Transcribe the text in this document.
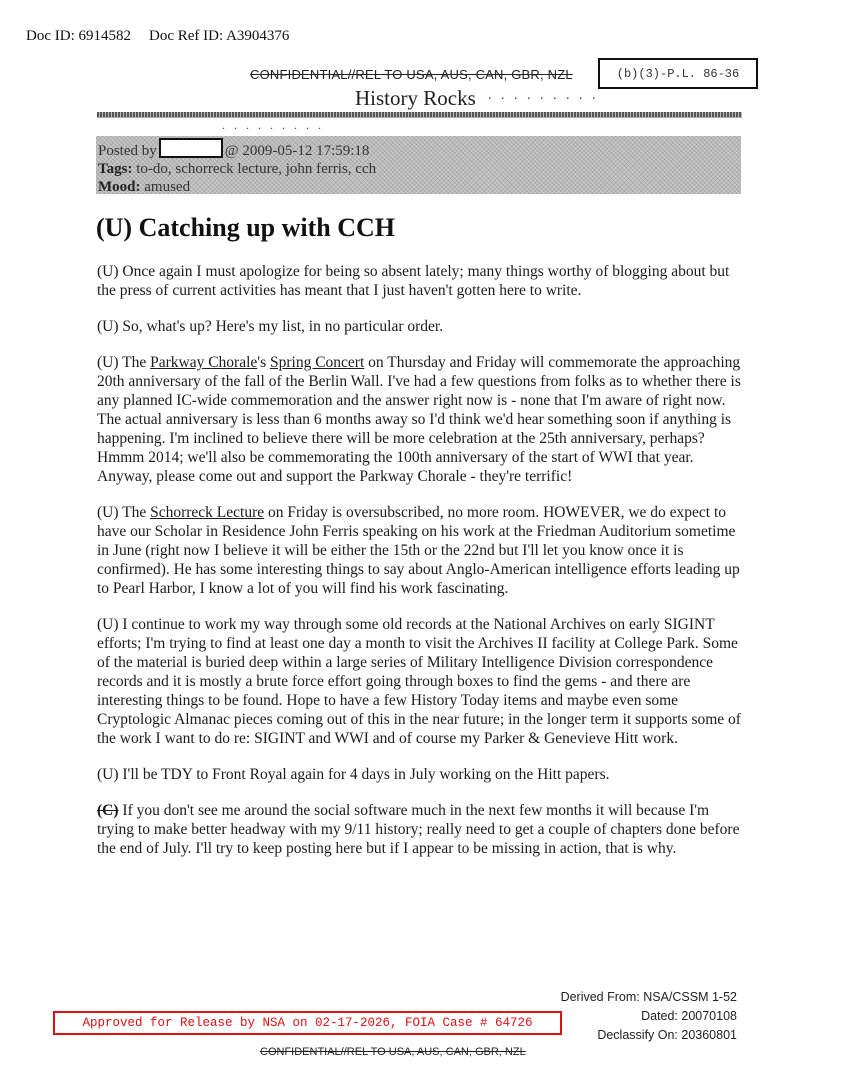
Doc ID: 6914582 Doc Ref ID: A3904376
CONFIDENTIAL//REL TO USA, AUS, CAN, GBR, NZL	(b)(3)-P.L. 86-36
History Rocks . . . . . . . . .
. . . . . . . . .
Posted by	@ 2009-05-12 17:59:18
Tags: to-do, schorreck lecture, john ferris, cch
Mood: amused
(U) Catching up with CCH

(U) Once again I must apologize for being so absent lately; many things worthy of blogging about but the press of current activities has meant that I just haven't gotten here to write.

(U) So, what's up? Here's my list, in no particular order.

(U) The Parkway Chorale's Spring Concert on Thursday and Friday will commemorate the approaching 20th anniversary of the fall of the Berlin Wall. I've had a few questions from folks as to whether there is any planned IC-wide commemoration and the answer right now is - none that I'm aware of right now. The actual anniversary is less than 6 months away so I'd think we'd hear something soon if anything is happening. I'm inclined to believe there will be more celebration at the 25th anniversary, perhaps? Hmmm 2014; we'll also be commemorating the 100th anniversary of the start of WWI that year. Anyway, please come out and support the Parkway Chorale - they're terrific!

(U) The Schorreck Lecture on Friday is oversubscribed, no more room. HOWEVER, we do expect to have our Scholar in Residence John Ferris speaking on his work at the Friedman Auditorium sometime in June (right now I believe it will be either the 15th or the 22nd but I'll let you know once it is confirmed). He has some interesting things to say about Anglo-American intelligence efforts leading up to Pearl Harbor, I know a lot of you will find his work fascinating.

(U) I continue to work my way through some old records at the National Archives on early SIGINT efforts; I'm trying to find at least one day a month to visit the Archives II facility at College Park. Some of the material is buried deep within a large series of Military Intelligence Division correspondence records and it is mostly a brute force effort going through boxes to find the gems - and there are interesting things to be found. Hope to have a few History Today items and maybe even some Cryptologic Almanac pieces coming out of this in the near future; in the longer term it supports some of the work I want to do re: SIGINT and WWI and of course my Parker & Genevieve Hitt work.

(U) I'll be TDY to Front Royal again for 4 days in July working on the Hitt papers.

(C) If you don't see me around the social software much in the next few months it will because I'm trying to make better headway with my 9/11 history; really need to get a couple of chapters done before the end of July. I'll try to keep posting here but if I appear to be missing in action, that is why.

Derived From: NSA/CSSM 1-52
Dated: 20070108
Declassify On: 20360801
Approved for Release by NSA on 02-17-2026, FOIA Case # 64726
CONFIDENTIAL//REL TO USA, AUS, CAN, GBR, NZL
